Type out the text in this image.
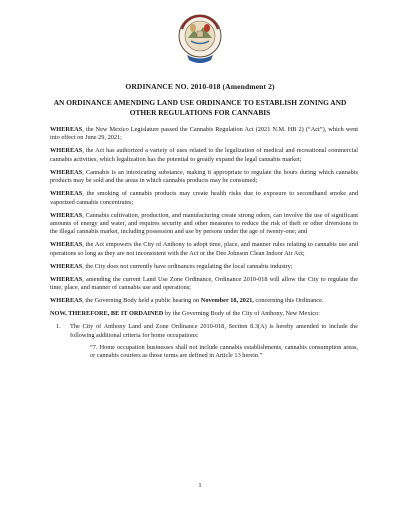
ORDINANCE NO. 2010-018 (Amendment 2)
AN ORDINANCE AMENDING LAND USE ORDINANCE TO ESTABLISH ZONING AND OTHER REGULATIONS FOR CANNABIS

WHEREAS, the New Mexico Legislature passed the Cannabis Regulation Act (2021 N.M. HB 2) (“Act”), which went into effect on June 29, 2021;

WHEREAS, the Act has authorized a variety of uses related to the legalization of medical and recreational commercial cannabis activities, which legalization has the potential to greatly expand the legal cannabis market;

WHEREAS, Cannabis is an intoxicating substance, making it appropriate to regulate the hours during which cannabis products may be sold and the areas in which cannabis products may be consumed;

WHEREAS, the smoking of cannabis products may create health risks due to exposure to secondhand smoke and vaporized cannabis concentrates;

WHEREAS, Cannabis cultivation, production, and manufacturing create strong odors, can involve the use of significant amounts of energy and water, and requires security and other measures to reduce the risk of theft or other diversions to the illegal cannabis market, including possession and use by persons under the age of twenty-one; and

WHEREAS, the Act empowers the City of Anthony to adopt time, place, and manner rules relating to cannabis use and operations so long as they are not inconsistent with the Act or the Dee Johnson Clean Indoor Air Act;

WHEREAS, the City does not currently have ordinances regulating the local cannabis industry;

WHEREAS, amending the current Land Use Zone Ordinance, Ordinance 2010-018 will allow the City to regulate the time, place, and manner of cannabis use and operations;

WHEREAS, the Governing Body held a public hearing on November 18, 2021, concerning this Ordinance.

NOW, THEREFORE, BE IT ORDAINED by the Governing Body of the City of Anthony, New Mexico:

1.	The City of Anthony Land and Zone Ordinance 2010-018, Section 8.3(A) is hereby amended to include the following additional criteria for home occupations:
“7. Home occupation businesses shall not include cannabis establishments, cannabis consumption areas, or cannabis couriers as those terms are defined in Article 13 herein.”
1
